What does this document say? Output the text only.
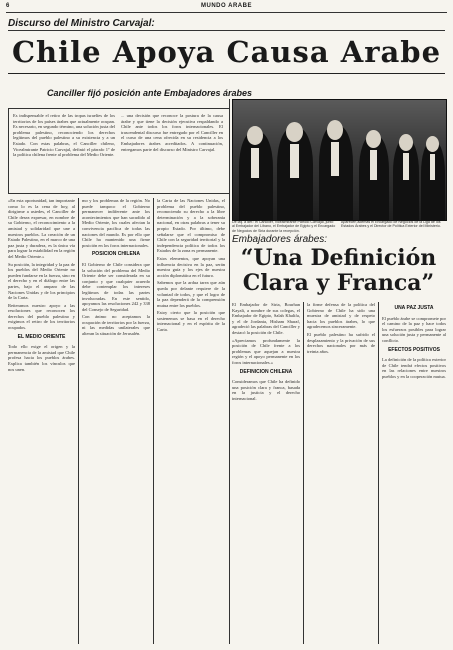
6	MUNDO ARABE
Discurso del Ministro Carvajal:
Chile Apoya Causa Arabe
Canciller fijó posición ante Embajadores árabes

Es indispensable el retiro de las tropas israelíes de los territorios de los países árabes que actualmente ocupan. Es necesario, en segundo término, una solución justa del problema palestino, reconociendo los derechos legítimos del pueblo palestino a su existencia y a un Estado. Con estas palabras, el Canciller chileno, Vicealmirante Patricio Carvajal, definió el párrafo 1º de la política chilena frente al problema del Medio Oriente.

... una decisión que reconoce la postura de la causa árabe y que tiene la decisión ejecutiva respaldando a Chile ante todos los foros internacionales. El trascendental discurso fue entregado por el Canciller en el curso de una cena ofrecida en su residencia a los Embajadores árabes acreditados. A continuación, entregamos parte del discurso del Ministro Carvajal.

«En esta oportunidad, tan importante como lo es la cena de hoy, al dirigirme a ustedes, el Canciller de Chile desea expresar, en nombre de su Gobierno, el reconocimiento a la amistad y solidaridad que une a nuestros pueblos. La creación de un Estado Palestino, en el marco de una paz justa y duradera, es la única vía para lograr la estabilidad en la región del Medio Oriente.»

Su posición, la integridad y la paz de los pueblos del Medio Oriente no pueden fundarse en la fuerza, sino en el derecho y en el diálogo entre las partes, bajo el amparo de las Naciones Unidas y de los principios de la Carta.

Reiteramos nuestro apoyo a las resoluciones que reconocen los derechos del pueblo palestino y exigimos el retiro de los territorios ocupados.

EL MEDIO ORIENTE

Todo ello exige el origen y la permanencia de la amistad que Chile profesa hacia los pueblos árabes. Explica también los vínculos que nos unen.

mo y los problemas de la región. No puede tampoco el Gobierno permanecer indiferente ante los acontecimientos que han sacudido al Medio Oriente, los cuales afectan la convivencia pacífica de todas las naciones del mundo. Es por ello que Chile ha mantenido una firme posición en los foros internacionales.

POSICION CHILENA

El Gobierno de Chile considera que la solución del problema del Medio Oriente debe ser considerada en su conjunto y que cualquier acuerdo debe contemplar los intereses legítimos de todas las partes involucradas. En este sentido, apoyamos las resoluciones 242 y 338 del Consejo de Seguridad.

Con ánimo no aceptamos la ocupación de territorios por la fuerza, ni las medidas unilaterales que alteran la situación de Jerusalén.

la Carta de las Naciones Unidas, el problema del pueblo palestino, reconociendo su derecho a la libre determinación y a la soberanía nacional, en otras palabras a tener su propio Estado. Por último, debe señalarse que el compromiso de Chile con la seguridad territorial y la independencia política de todos los Estados de la zona es permanente.

Estos elementos, que apoyan una influencia decisiva en la paz, serán nuestra guía y los ejes de nuestra acción diplomática en el futuro.

Sabemos que la ardua tarea que aún queda por delante requiere de la voluntad de todos, y que el logro de la paz dependerá de la comprensión mutua entre los pueblos.

Estoy cierto que la posición que sostenemos se basa en el derecho internacional y en el espíritu de la Carta.

De izq. a der.: el Canciller, Vicealmirante Patricio Carvajal, junto al Embajador del Líbano, el Embajador de Egipto y el Encargado de Negocios de Siria durante la recepción.
Aparecen además el Encargado de Negocios de la Liga de los Estados Árabes y el Director de Política Exterior del Ministerio.
Embajadores árabes:
“Una Definición Clara y Franca”

El Embajador de Siria, Bourhan Kayali, a nombre de sus colegas, el Embajador de Egipto, Salah Khalifa, y el de Jordania, Hisham Sharaf, agradeció las palabras del Canciller y destacó la posición de Chile.

«Apreciamos profundamente la posición de Chile frente a los problemas que aquejan a nuestra región y el apoyo permanente en los foros internacionales.»

DEFINICION CHILENA

Consideramos que Chile ha definido una posición clara y franca, basada en la justicia y el derecho internacional.

la firme defensa de la política del Gobierno de Chile ha sido una muestra de amistad y de respeto hacia los pueblos árabes, lo que agradecemos sinceramente.

El pueblo palestino ha sufrido el desplazamiento y la privación de sus derechos nacionales por más de treinta años.

UNA PAZ JUSTA

El pueblo árabe se compromete por el camino de la paz y hace todos los esfuerzos posibles para lograr una solución justa y permanente al conflicto.

EFECTOS POSITIVOS

La definición de la política exterior de Chile tendrá efectos positivos en las relaciones entre nuestros pueblos y en la cooperación mutua.
